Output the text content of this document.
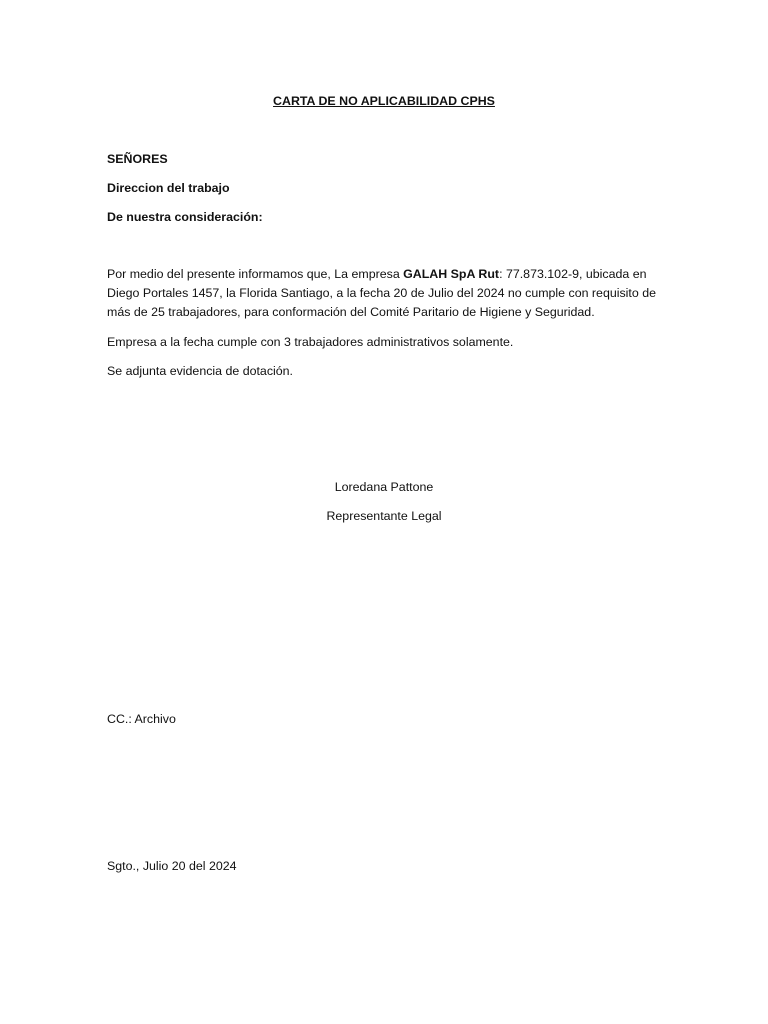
CARTA DE NO APLICABILIDAD CPHS
SEÑORES
Direccion del trabajo
De nuestra consideración:
Por medio del presente informamos que, La empresa GALAH SpA Rut: 77.873.102-9, ubicada en
Diego Portales 1457, la Florida Santiago, a la fecha 20 de Julio del 2024 no cumple con requisito de
más de 25 trabajadores, para conformación del Comité Paritario de Higiene y Seguridad.
Empresa a la fecha cumple con 3 trabajadores administrativos solamente.
Se adjunta evidencia de dotación.
Loredana Pattone
Representante Legal
CC.: Archivo
Sgto., Julio 20 del 2024
